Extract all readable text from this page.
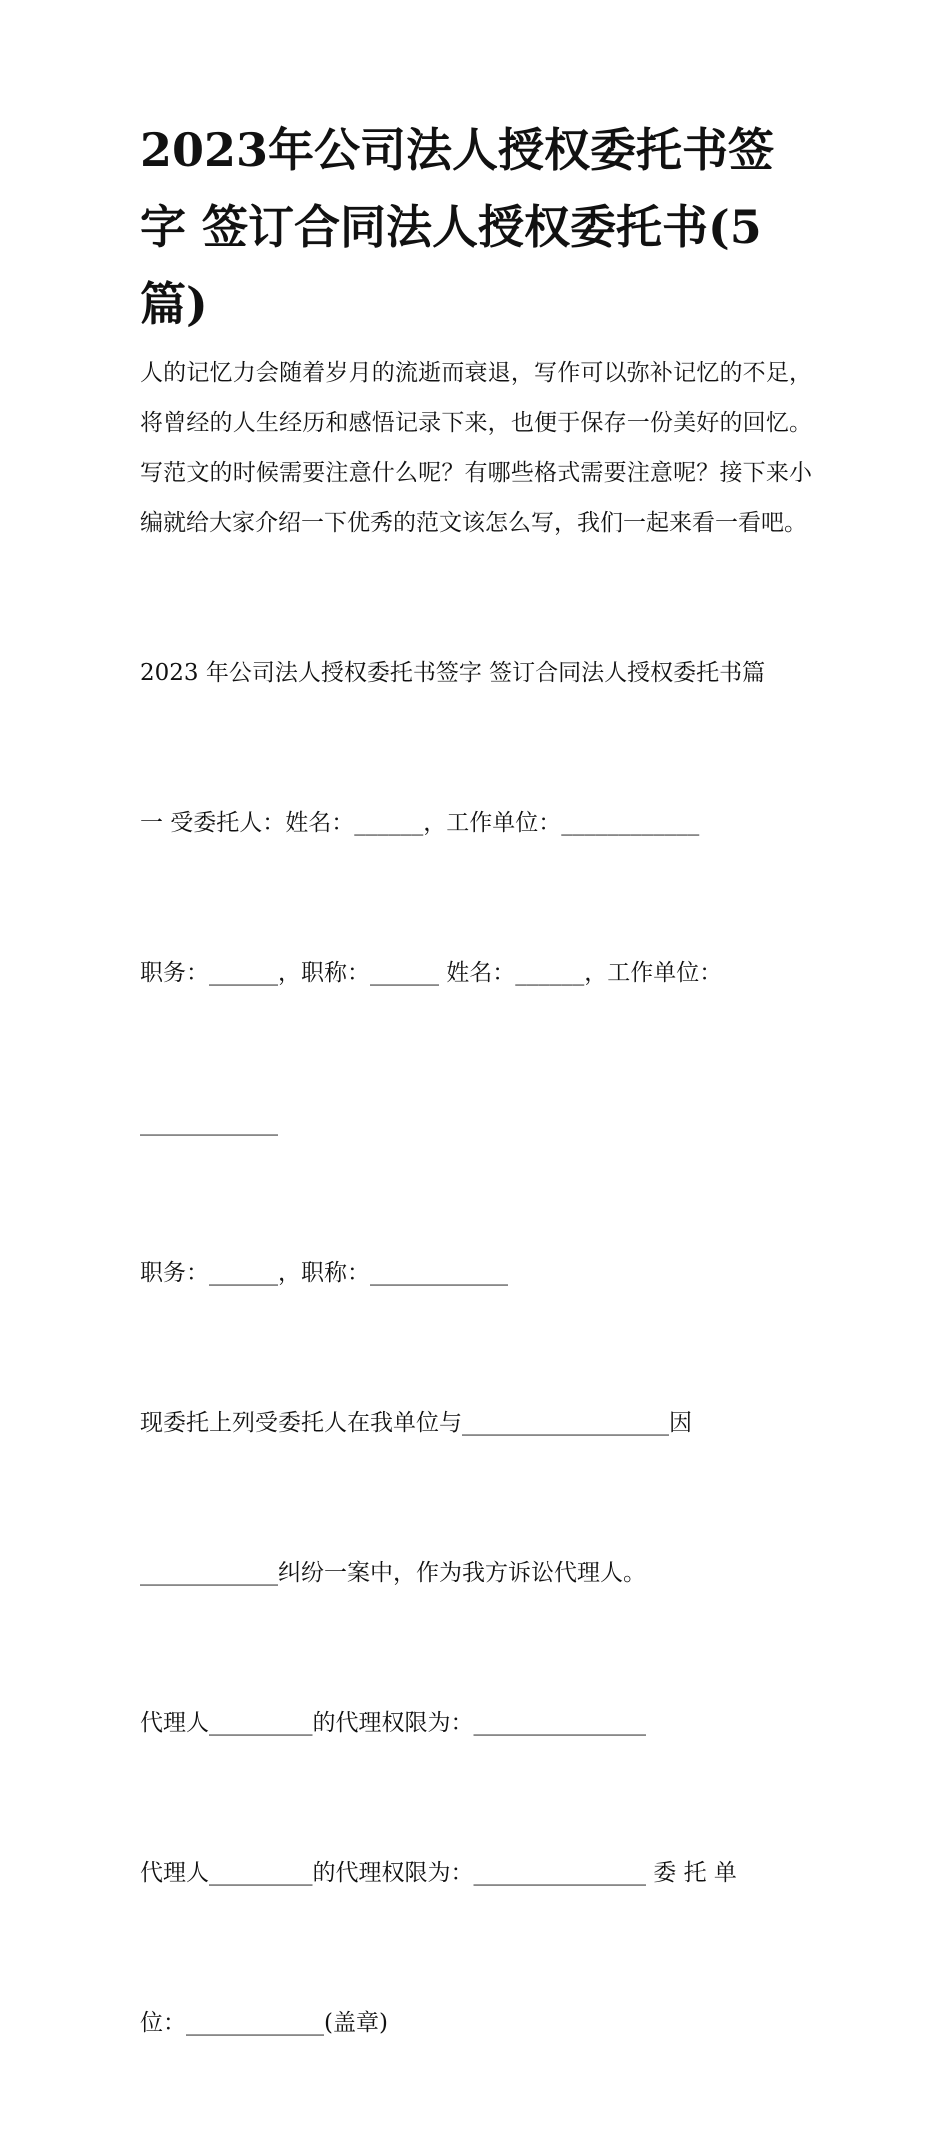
2023年公司法人授权委托书签字 签订合同法人授权委托书(5篇)

人的记忆力会随着岁月的流逝而衰退，写作可以弥补记忆的不足，将曾经的人生经历和感悟记录下来，也便于保存一份美好的回忆。写范文的时候需要注意什么呢？有哪些格式需要注意呢？接下来小编就给大家介绍一下优秀的范文该怎么写，我们一起来看一看吧。

2023 年公司法人授权委托书签字 签订合同法人授权委托书篇

一 受委托人：姓名：______，工作单位：____________

职务：______，职称：______ 姓名：______，工作单位：

____________

职务：______，职称：____________

现委托上列受委托人在我单位与__________________因

____________纠纷一案中，作为我方诉讼代理人。

代理人_________的代理权限为：_______________

代理人_________的代理权限为：_______________ 委 托 单

位：____________(盖章)
